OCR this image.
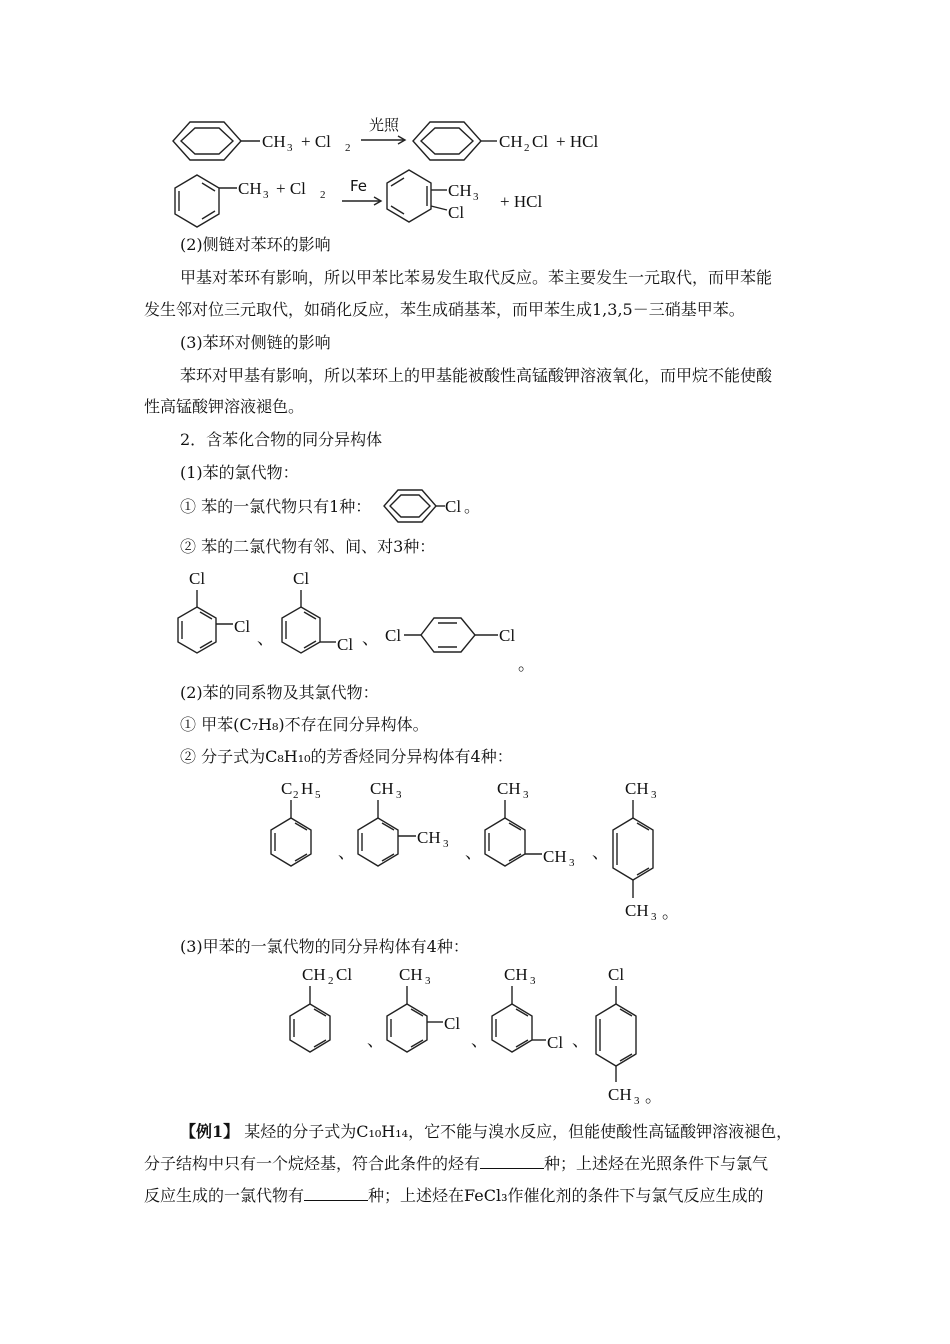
CH 3 + Cl 2
光照
CH 2 Cl + HCl
CH 3 + Cl 2 Fe	CH 3
Cl
+ HCl
Cl
Cl
Cl
、
Cl
Cl 、 Cl	Cl
。
C 2 H 5
、
CH 3
CH 3 、
CH 3
CH 3
、
CH 3
CH 3 。
CH 2 Cl
、
CH 3
Cl
、
CH 3
Cl 、
Cl
CH 3 。
(2)侧链对苯环的影响
甲基对苯环有影响，所以甲苯比苯易发生取代反应。苯主要发生一元取代，而甲苯能
发生邻对位三元取代，如硝化反应，苯生成硝基苯，而甲苯生成1,3,5－三硝基甲苯。
(3)苯环对侧链的影响
苯环对甲基有影响，所以苯环上的甲基能被酸性高锰酸钾溶液氧化，而甲烷不能使酸
性高锰酸钾溶液褪色。
2．含苯化合物的同分异构体
(1)苯的氯代物：
① 苯的一氯代物只有1种：	。
② 苯的二氯代物有邻、间、对3种：
(2)苯的同系物及其氯代物：
① 甲苯(C₇H₈)不存在同分异构体。
② 分子式为C₈H₁₀的芳香烃同分异构体有4种：
(3)甲苯的一氯代物的同分异构体有4种：
【例1】 某烃的分子式为C₁₀H₁₄，它不能与溴水反应，但能使酸性高锰酸钾溶液褪色，
分子结构中只有一个烷烃基，符合此条件的烃有	种；上述烃在光照条件下与氯气
反应生成的一氯代物有	种；上述烃在FeCl₃作催化剂的条件下与氯气反应生成的
